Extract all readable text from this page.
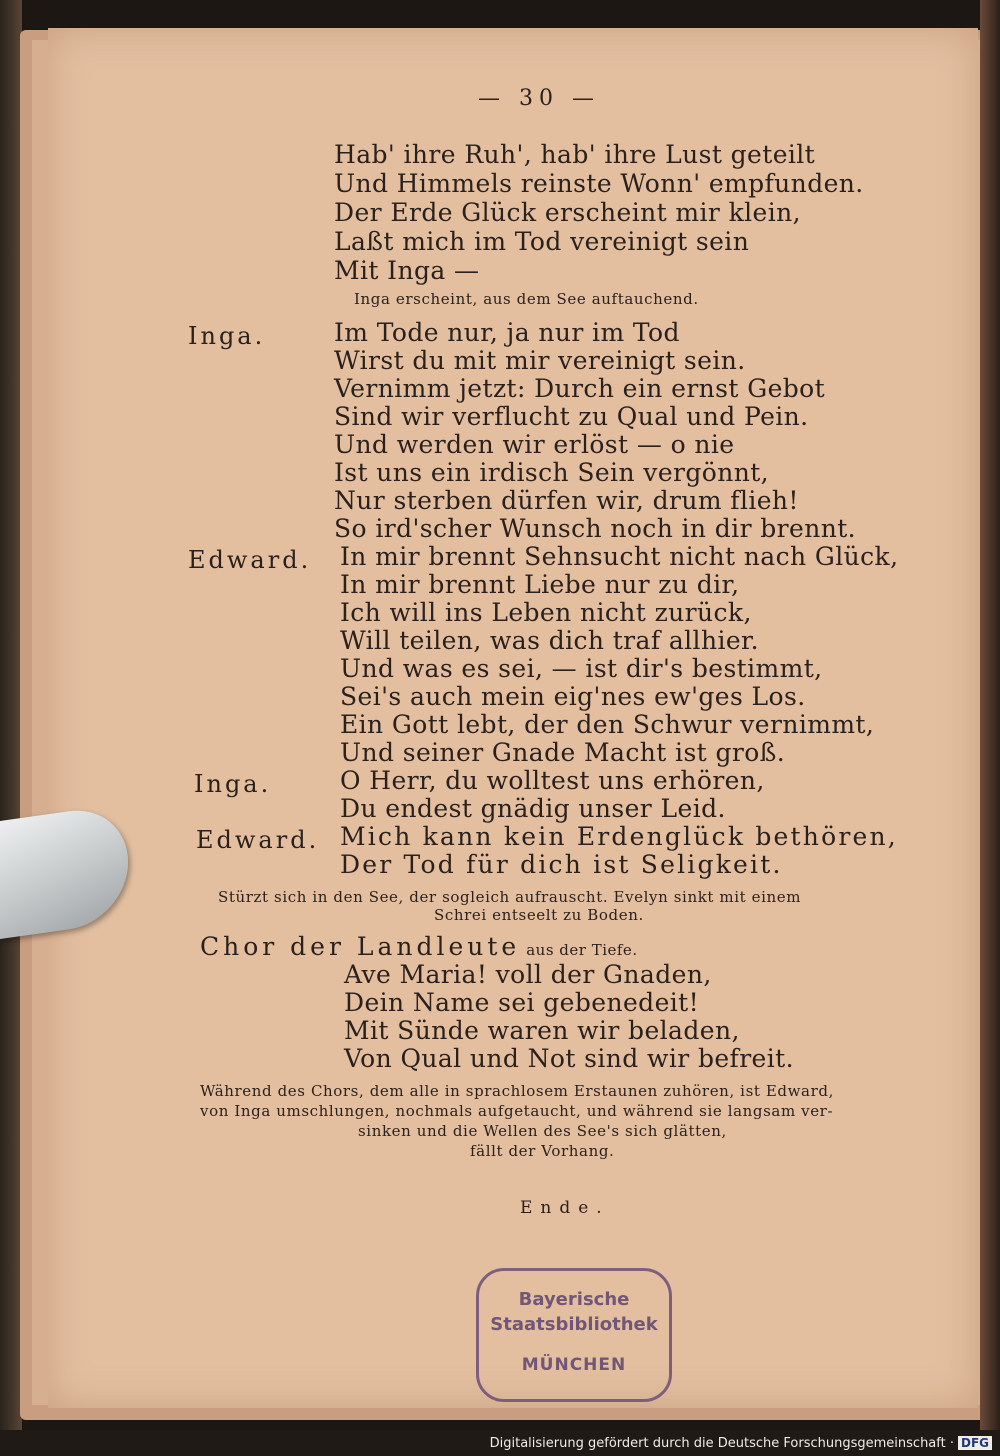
— 30 —
Hab' ihre Ruh', hab' ihre Lust geteilt
Und Himmels reinste Wonn' empfunden.
Der Erde Glück erscheint mir klein,
Laßt mich im Tod vereinigt sein
Mit Inga —
Inga erscheint, aus dem See auftauchend.
Inga.	Im Tode nur, ja nur im Tod
Wirst du mit mir vereinigt sein.
Vernimm jetzt: Durch ein ernst Gebot
Sind wir verflucht zu Qual und Pein.
Und werden wir erlöst — o nie
Ist uns ein irdisch Sein vergönnt,
Nur sterben dürfen wir, drum flieh!
So ird'scher Wunsch noch in dir brennt.
Edward. In mir brennt Sehnsucht nicht nach Glück,
In mir brennt Liebe nur zu dir,
Ich will ins Leben nicht zurück,
Will teilen, was dich traf allhier.
Und was es sei, — ist dir's bestimmt,
Sei's auch mein eig'nes ew'ges Los.
Ein Gott lebt, der den Schwur vernimmt,
Und seiner Gnade Macht ist groß.
Inga.	O Herr, du wolltest uns erhören,
Du endest gnädig unser Leid.
Edward. Mich kann kein Erdenglück bethören,
Der Tod für dich ist Seligkeit.
Stürzt sich in den See, der sogleich aufrauscht. Evelyn sinkt mit einem
Schrei entseelt zu Boden.
Chor der Landleute aus der Tiefe.
Ave Maria! voll der Gnaden,
Dein Name sei gebenedeit!
Mit Sünde waren wir beladen,
Von Qual und Not sind wir befreit.
Während des Chors, dem alle in sprachlosem Erstaunen zuhören, ist Edward,
von Inga umschlungen, nochmals aufgetaucht, und während sie langsam ver-
sinken und die Wellen des See's sich glätten,
fällt der Vorhang.
Ende.
Bayerische
Staatsbibliothek
MÜNCHEN
Digitalisierung gefördert durch die Deutsche Forschungsgemeinschaft · DFG
